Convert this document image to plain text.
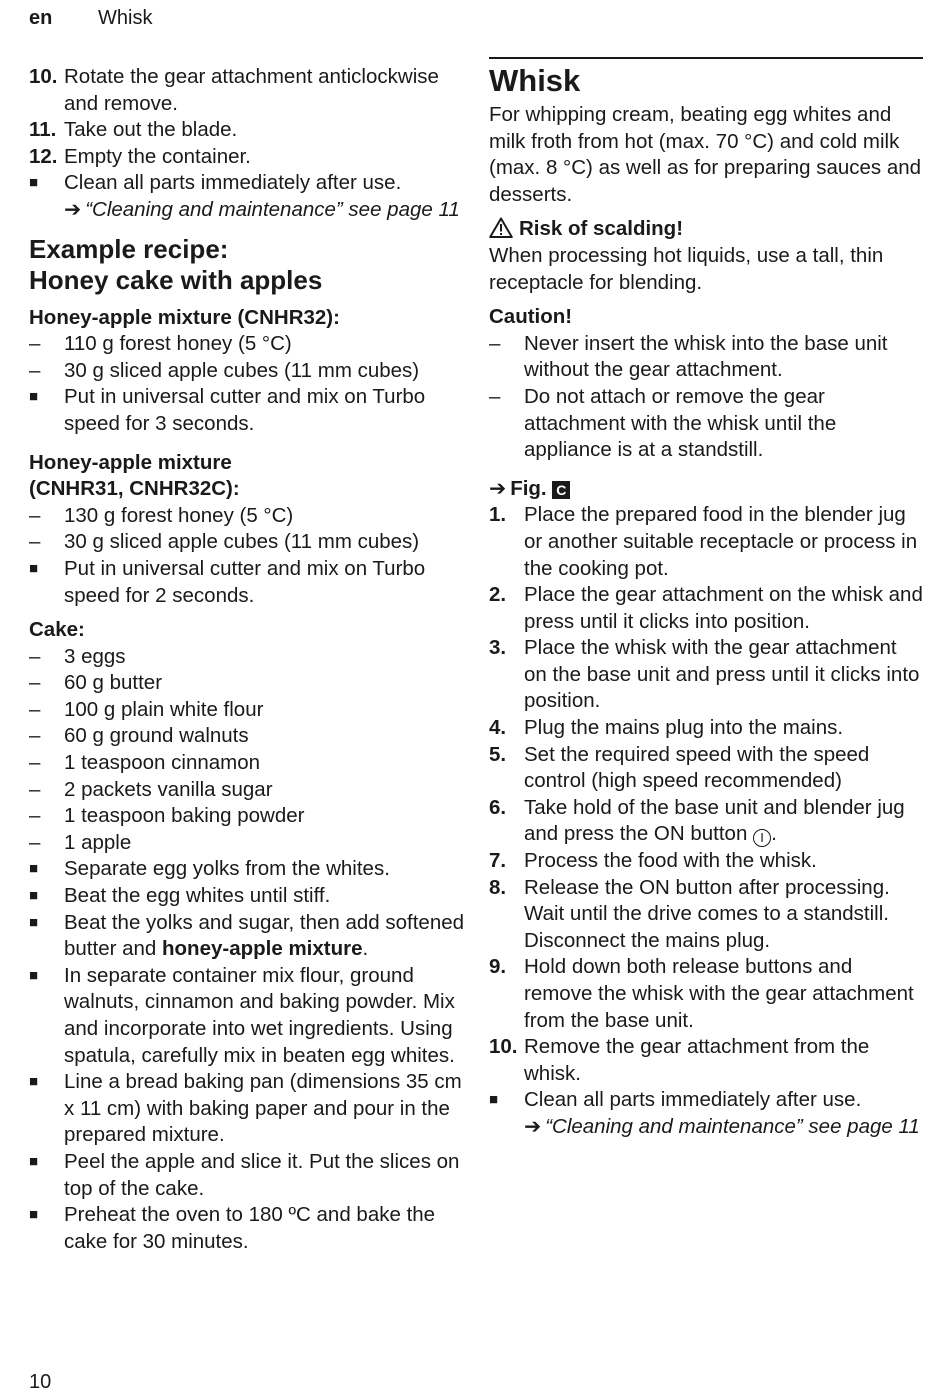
en Whisk
10. Rotate the gear attachment anticlockwise and remove.
11. Take out the blade.
12. Empty the container.
■ Clean all parts immediately after use.
➔ “Cleaning and maintenance” see page 11
Example recipe:
Honey cake with apples
Honey-apple mixture (CNHR32):
– 110 g forest honey (5 °C)
– 30 g sliced apple cubes (11 mm cubes)
■ Put in universal cutter and mix on Turbo speed for 3 seconds.
Honey-apple mixture
(CNHR31, CNHR32C):
– 130 g forest honey (5 °C)
– 30 g sliced apple cubes (11 mm cubes)
■ Put in universal cutter and mix on Turbo speed for 2 seconds.
Cake:
– 3 eggs
– 60 g butter
– 100 g plain white flour
– 60 g ground walnuts
– 1 teaspoon cinnamon
– 2 packets vanilla sugar
– 1 teaspoon baking powder
– 1 apple
■ Separate egg yolks from the whites.
■ Beat the egg whites until stiff.
■ Beat the yolks and sugar, then add softened butter and honey-apple mixture.
■ In separate container mix flour, ground walnuts, cinnamon and baking powder. Mix and incorporate into wet ingredients. Using spatula, carefully mix in beaten egg whites.
■ Line a bread baking pan (dimensions 35 cm x 11 cm) with baking paper and pour in the prepared mixture.
■ Peel the apple and slice it. Put the slices on top of the cake.
■ Preheat the oven to 180 ºC and bake the cake for 30 minutes.
Whisk
For whipping cream, beating egg whites and milk froth from hot (max. 70 °C) and cold milk (max. 8 °C) as well as for preparing sauces and desserts.
Risk of scalding!
When processing hot liquids, use a tall, thin receptacle for blending.
Caution!
– Never insert the whisk into the base unit without the gear attachment.
– Do not attach or remove the gear attachment with the whisk until the appliance is at a standstill.
➔ Fig. C
1. Place the prepared food in the blender jug or another suitable receptacle or process in the cooking pot.
2. Place the gear attachment on the whisk and press until it clicks into position.
3. Place the whisk with the gear attachment on the base unit and press until it clicks into position.
4. Plug the mains plug into the mains.
5. Set the required speed with the speed control (high speed recommended)
6. Take hold of the base unit and blender jug and press the ON button I .
7. Process the food with the whisk.
8. Release the ON button after processing. Wait until the drive comes to a standstill. Disconnect the mains plug.
9. Hold down both release buttons and remove the whisk with the gear attachment from the base unit.
10. Remove the gear attachment from the whisk.
■ Clean all parts immediately after use.
➔ “Cleaning and maintenance” see page 11
10
